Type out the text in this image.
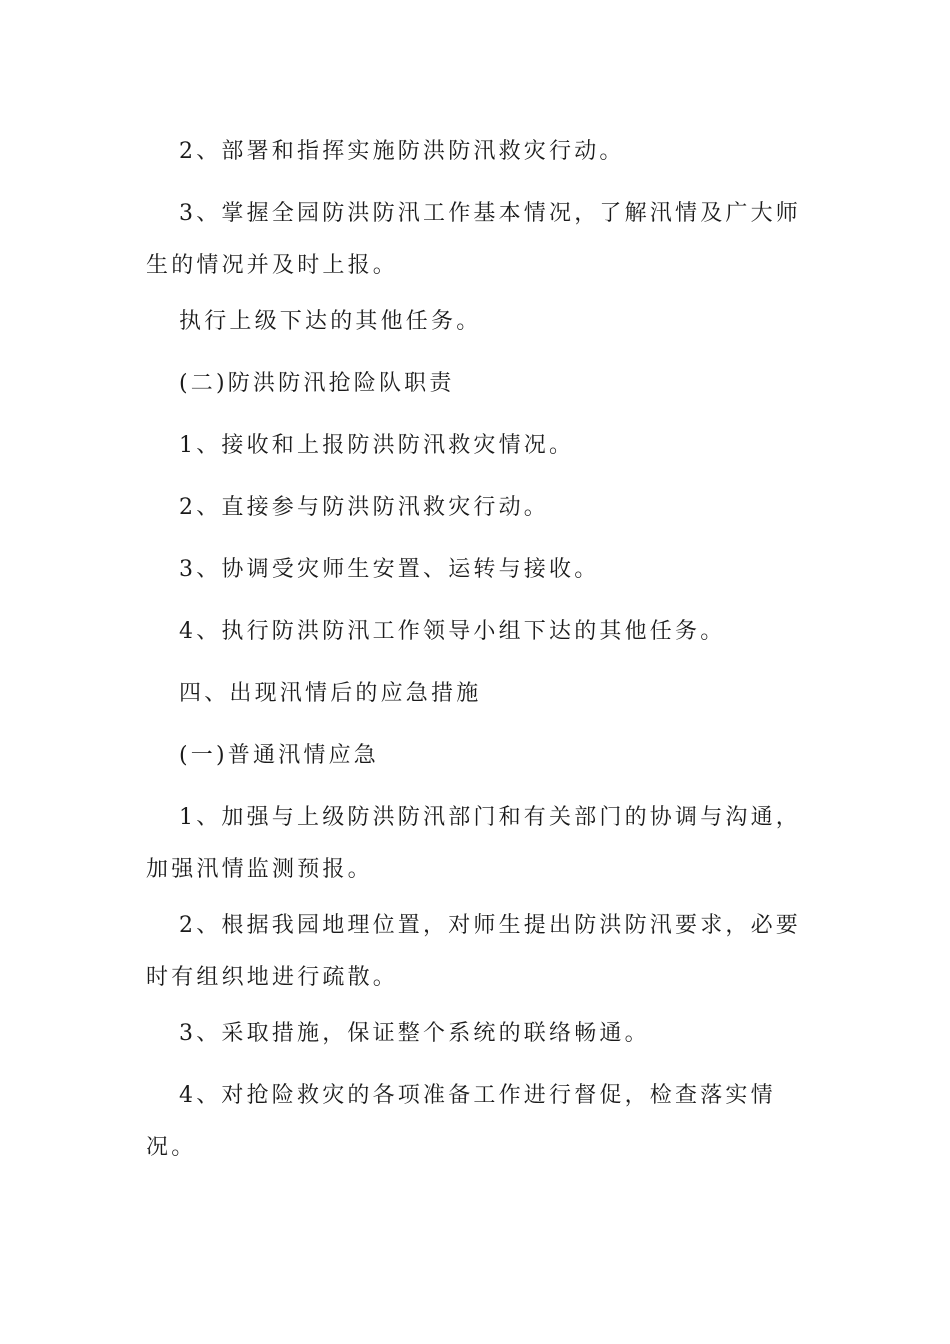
2、部署和指挥实施防洪防汛救灾行动。

3、掌握全园防洪防汛工作基本情况，了解汛情及广大师生的情况并及时上报。

执行上级下达的其他任务。

(二)防洪防汛抢险队职责

1、接收和上报防洪防汛救灾情况。

2、直接参与防洪防汛救灾行动。

3、协调受灾师生安置、运转与接收。

4、执行防洪防汛工作领导小组下达的其他任务。

四、出现汛情后的应急措施

(一)普通汛情应急

1、加强与上级防洪防汛部门和有关部门的协调与沟通，加强汛情监测预报。

2、根据我园地理位置，对师生提出防洪防汛要求，必要时有组织地进行疏散。

3、采取措施，保证整个系统的联络畅通。

4、对抢险救灾的各项准备工作进行督促，检查落实情况。
